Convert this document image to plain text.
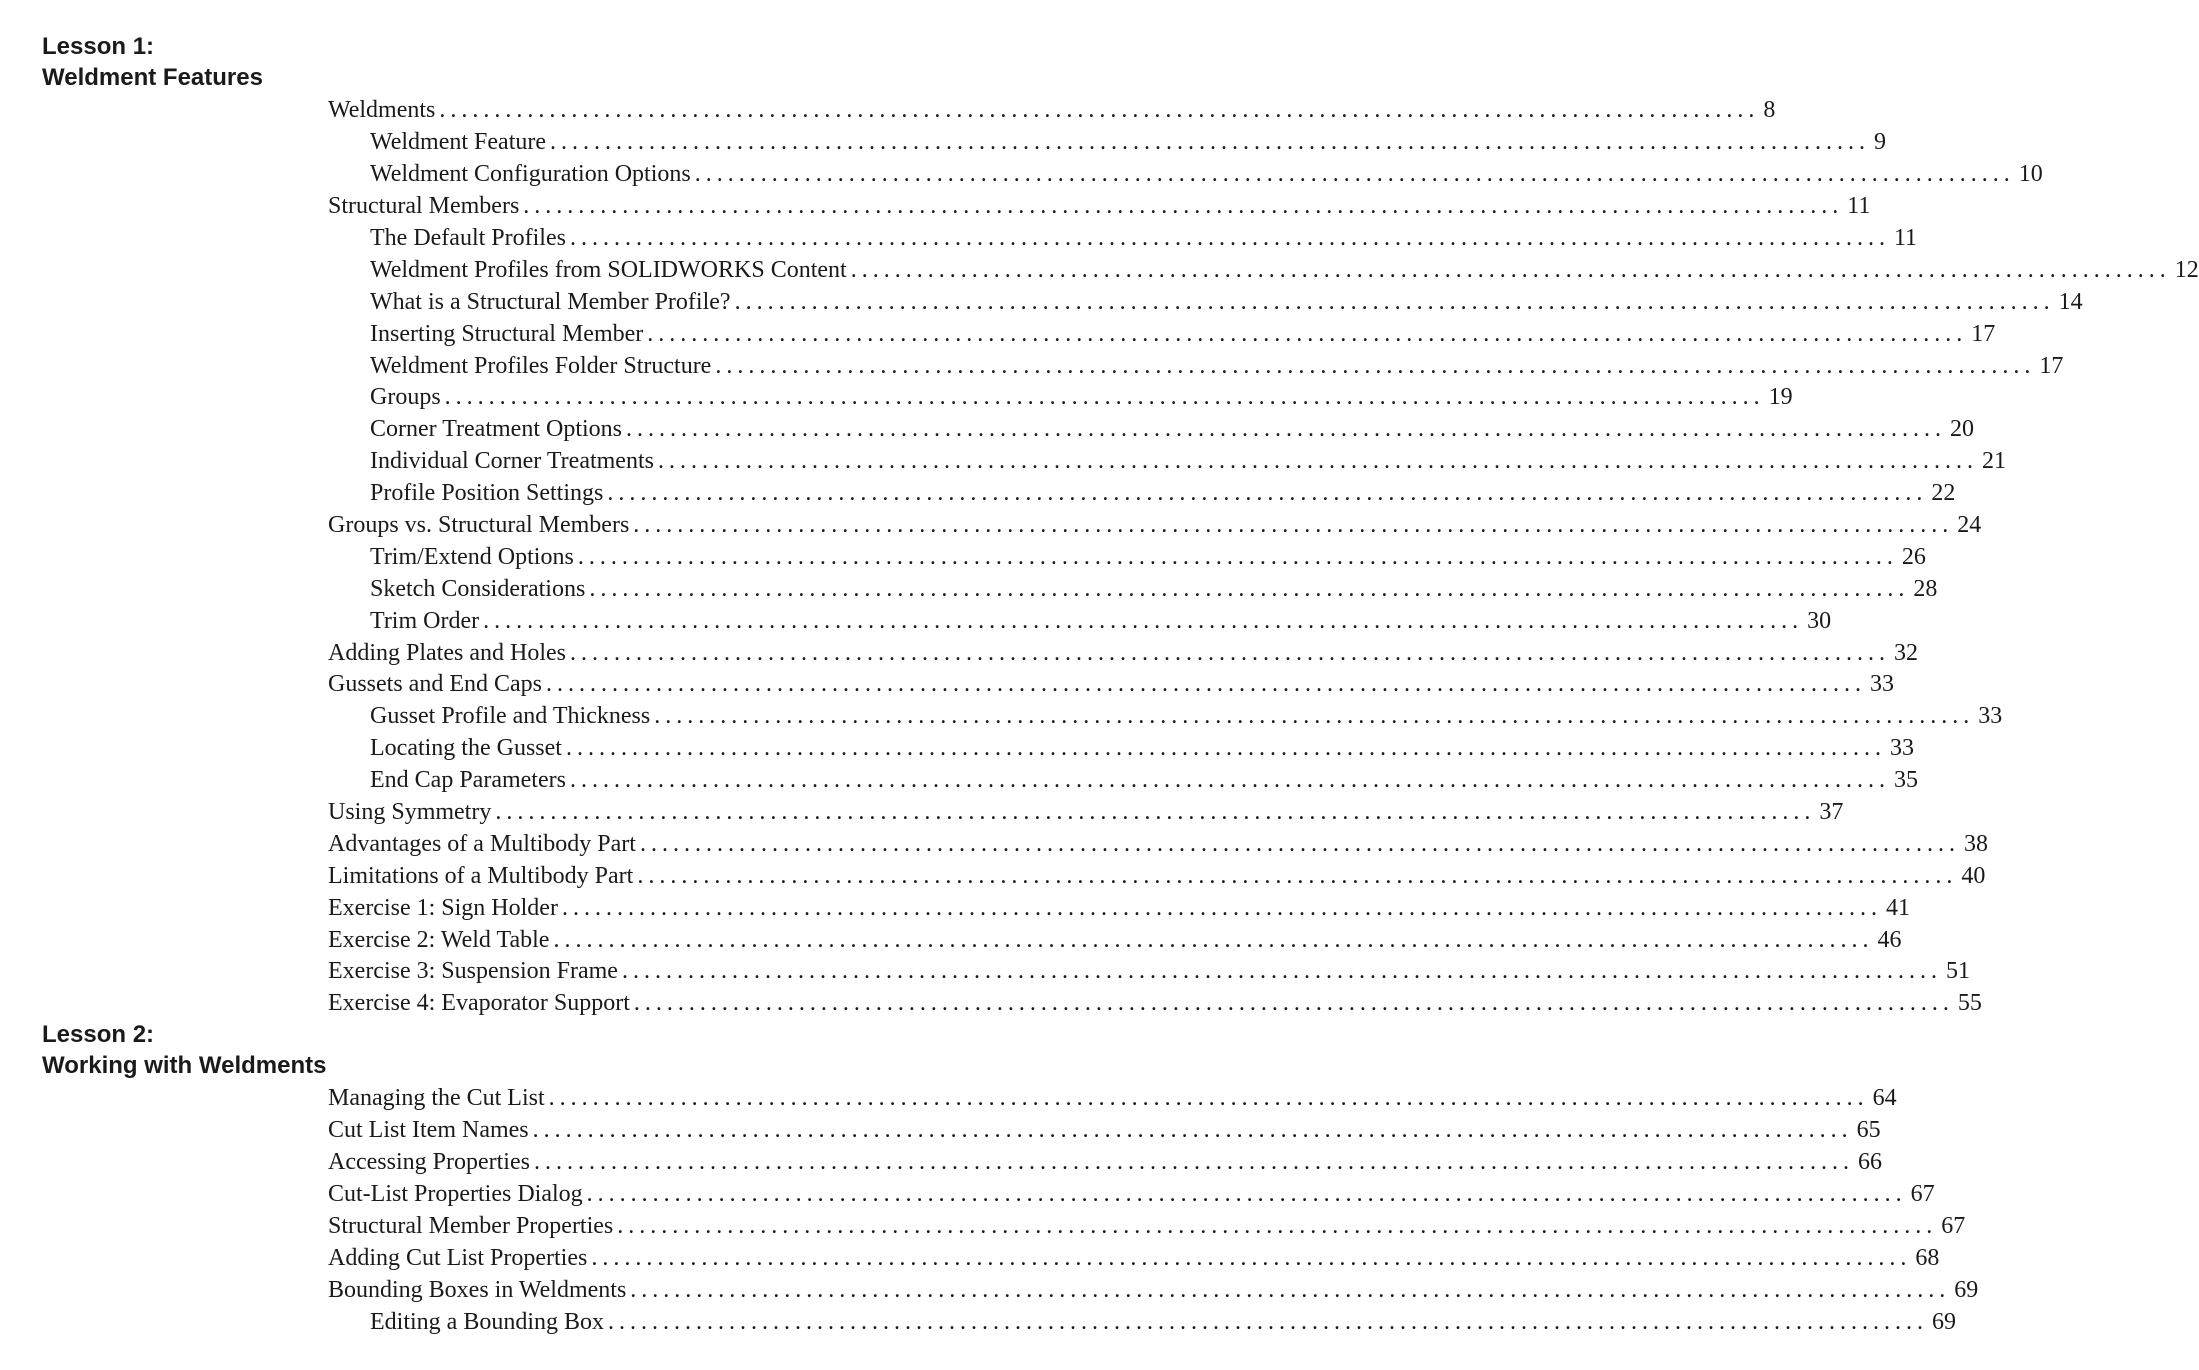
Lesson 1:
Weldment Features
Weldments ........................................................................................................................ 8
Weldment Feature ........................................................................................................................ 9
Weldment Configuration Options ........................................................................................................................ 10
Structural Members ........................................................................................................................ 11
The Default Profiles ........................................................................................................................ 11
Weldment Profiles from SOLIDWORKS Content ........................................................................................................................ 12
What is a Structural Member Profile? ........................................................................................................................ 14
Inserting Structural Member ........................................................................................................................ 17
Weldment Profiles Folder Structure ........................................................................................................................ 17
Groups ........................................................................................................................ 19
Corner Treatment Options ........................................................................................................................ 20
Individual Corner Treatments ........................................................................................................................ 21
Profile Position Settings ........................................................................................................................ 22
Groups vs. Structural Members ........................................................................................................................ 24
Trim/Extend Options ........................................................................................................................ 26
Sketch Considerations ........................................................................................................................ 28
Trim Order ........................................................................................................................ 30
Adding Plates and Holes ........................................................................................................................ 32
Gussets and End Caps ........................................................................................................................ 33
Gusset Profile and Thickness ........................................................................................................................ 33
Locating the Gusset ........................................................................................................................ 33
End Cap Parameters ........................................................................................................................ 35
Using Symmetry ........................................................................................................................ 37
Advantages of a Multibody Part ........................................................................................................................ 38
Limitations of a Multibody Part ........................................................................................................................ 40
Exercise 1: Sign Holder ........................................................................................................................ 41
Exercise 2: Weld Table ........................................................................................................................ 46
Exercise 3: Suspension Frame ........................................................................................................................ 51
Exercise 4: Evaporator Support ........................................................................................................................ 55
Lesson 2:
Working with Weldments
Managing the Cut List ........................................................................................................................ 64
Cut List Item Names ........................................................................................................................ 65
Accessing Properties ........................................................................................................................ 66
Cut-List Properties Dialog ........................................................................................................................ 67
Structural Member Properties ........................................................................................................................ 67
Adding Cut List Properties ........................................................................................................................ 68
Bounding Boxes in Weldments ........................................................................................................................ 69
Editing a Bounding Box ........................................................................................................................ 69
